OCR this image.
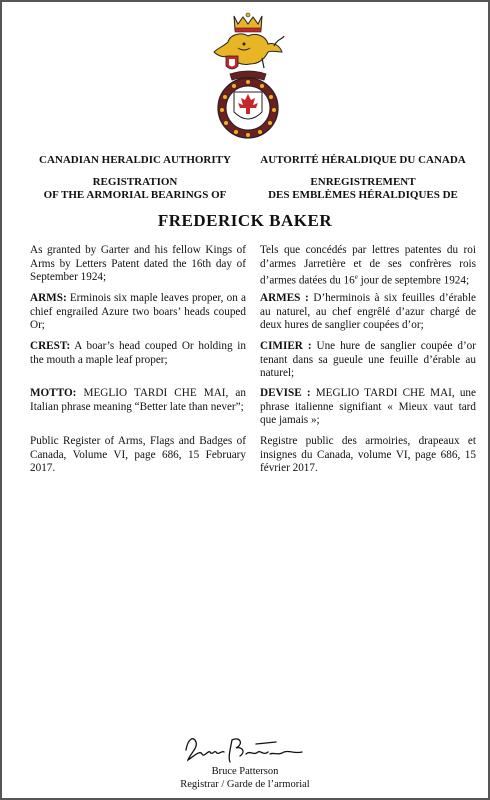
CANADIAN HERALDIC AUTHORITY
REGISTRATION
OF THE ARMORIAL BEARINGS OF
AUTORITÉ HÉRALDIQUE DU CANADA
ENREGISTREMENT
DES EMBLÈMES HÉRALDIQUES DE
FREDERICK BAKER

As granted by Garter and his fellow Kings of Arms by Letters Patent dated the 16th day of September 1924;

ARMS: Erminois six maple leaves proper, on a chief engrailed Azure two boars’ heads couped Or;

CREST: A boar’s head couped Or holding in the mouth a maple leaf proper;

MOTTO: MEGLIO TARDI CHE MAI, an Italian phrase meaning “Better late than never”;

Public Register of Arms, Flags and Badges of Canada, Volume VI, page 686, 15 February 2017.

Tels que concédés par lettres patentes du roi d’armes Jarretière et de ses confrères rois d’armes datées du 16e jour de septembre 1924;

ARMES : D’herminois à six feuilles d’érable au naturel, au chef engrêlé d’azur chargé de deux hures de sanglier coupées d’or;

CIMIER : Une hure de sanglier coupée d’or tenant dans sa gueule une feuille d’érable au naturel;

DEVISE : MEGLIO TARDI CHE MAI, une phrase italienne signifiant « Mieux vaut tard que jamais »;

Registre public des armoiries, drapeaux et insignes du Canada, volume VI, page 686, 15 février 2017.

Bruce Patterson
Registrar / Garde de l’armorial
